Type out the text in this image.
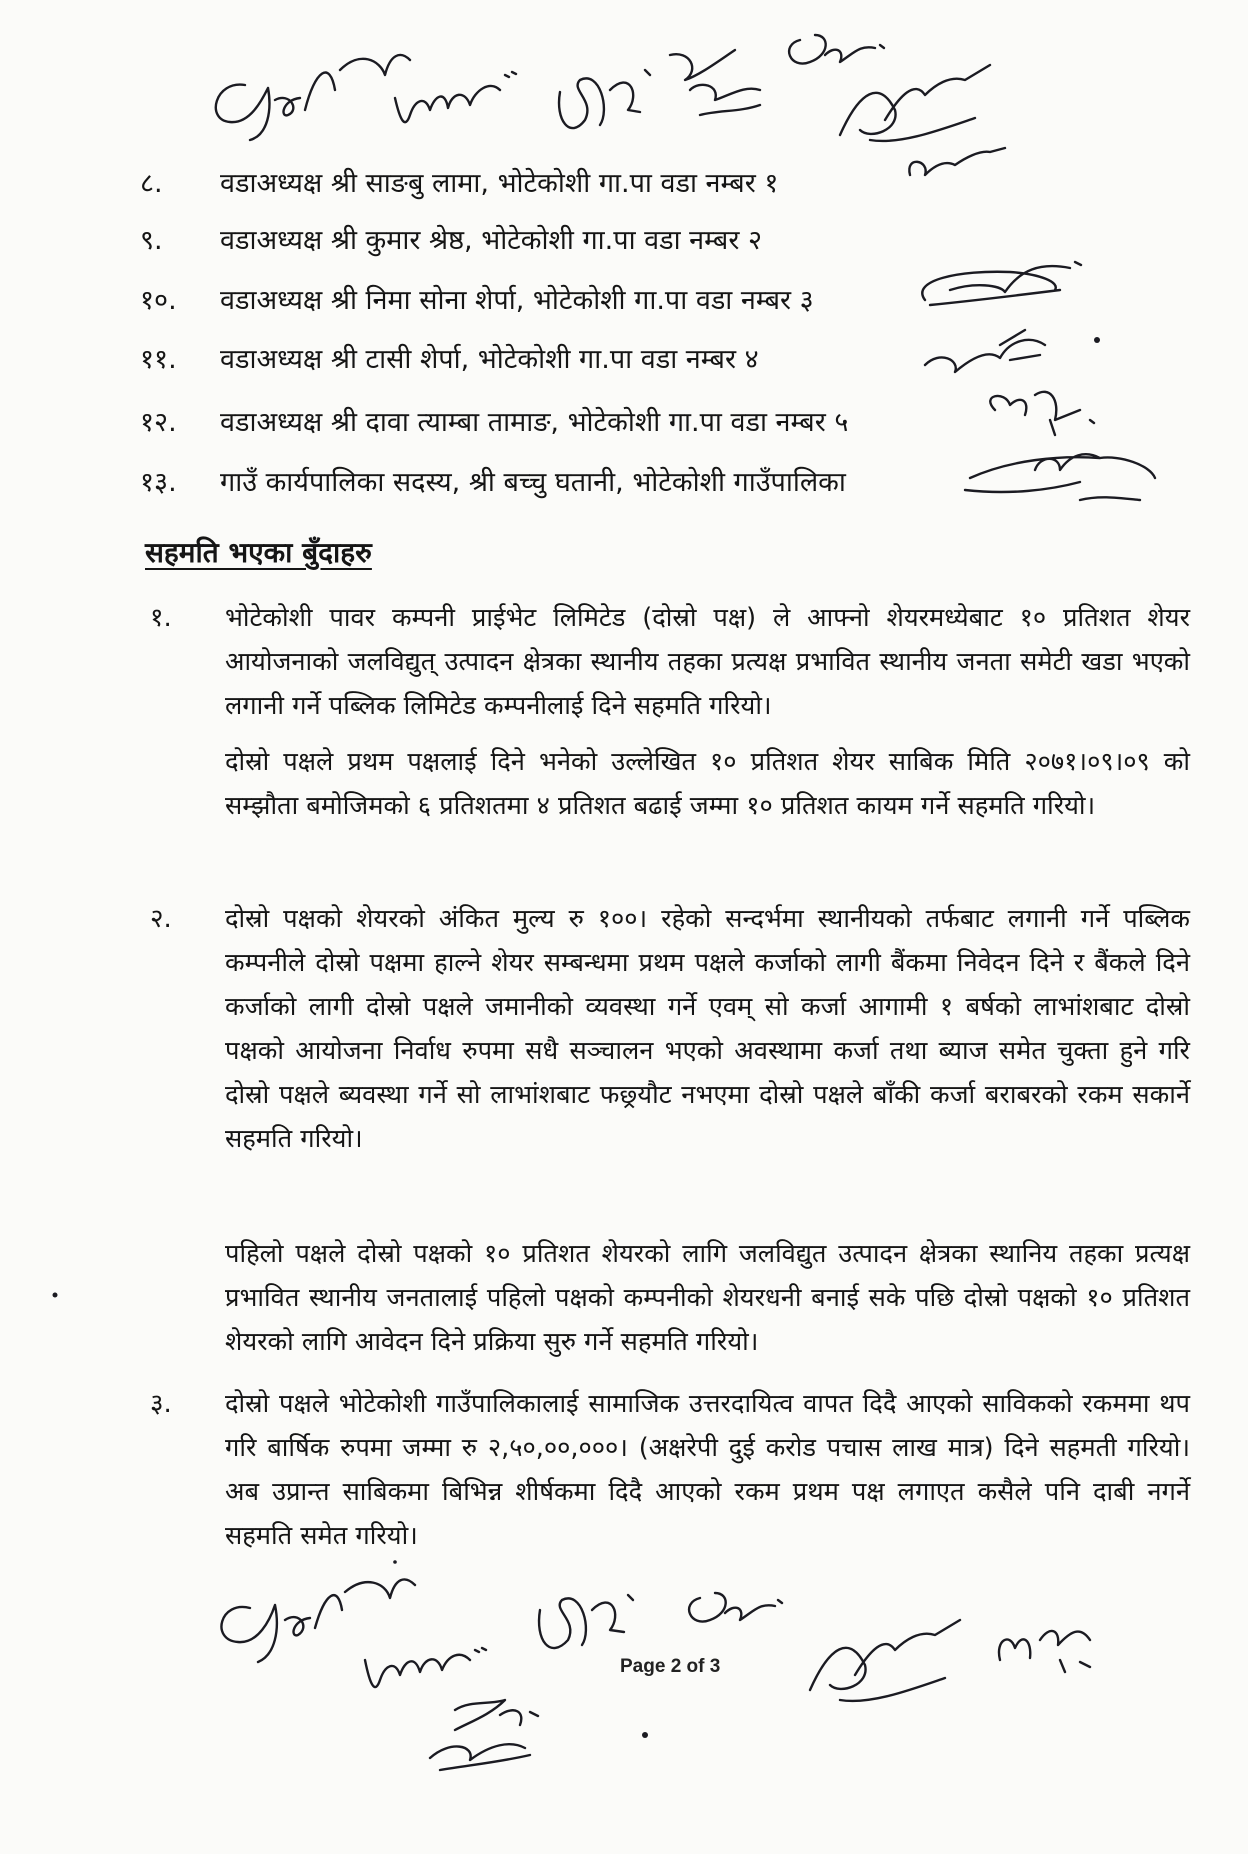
८. वडाअध्यक्ष श्री साङबु लामा, भोटेकोशी गा.पा वडा नम्बर १
९. वडाअध्यक्ष श्री कुमार श्रेष्ठ, भोटेकोशी गा.पा वडा नम्बर २
१०. वडाअध्यक्ष श्री निमा सोना शेर्पा, भोटेकोशी गा.पा वडा नम्बर ३
११. वडाअध्यक्ष श्री टासी शेर्पा, भोटेकोशी गा.पा वडा नम्बर ४
१२. वडाअध्यक्ष श्री दावा त्याम्बा तामाङ, भोटेकोशी गा.पा वडा नम्बर ५
१३. गाउँ कार्यपालिका सदस्य, श्री बच्चु घतानी, भोटेकोशी गाउँपालिका
सहमति भएका बुँदाहरु
१. भोटेकोशी पावर कम्पनी प्राईभेट लिमिटेड (दोस्रो पक्ष) ले आफ्नो शेयरमध्येबाट १० प्रतिशत शेयर आयोजनाको जलविद्युत् उत्पादन क्षेत्रका स्थानीय तहका प्रत्यक्ष प्रभावित स्थानीय जनता समेटी खडा भएको लगानी गर्ने पब्लिक लिमिटेड कम्पनीलाई दिने सहमति गरियो।
दोस्रो पक्षले प्रथम पक्षलाई दिने भनेको उल्लेखित १० प्रतिशत शेयर साबिक मिति २०७१।०९।०९ को सम्झौता बमोजिमको ६ प्रतिशतमा ४ प्रतिशत बढाई जम्मा १० प्रतिशत कायम गर्ने सहमति गरियो।
२. दोस्रो पक्षको शेयरको अंकित मुल्य रु १००। रहेको सन्दर्भमा स्थानीयको तर्फबाट लगानी गर्ने पब्लिक कम्पनीले दोस्रो पक्षमा हाल्ने शेयर सम्बन्धमा प्रथम पक्षले कर्जाको लागी बैंकमा निवेदन दिने र बैंकले दिने कर्जाको लागी दोस्रो पक्षले जमानीको व्यवस्था गर्ने एवम् सो कर्जा आगामी १ बर्षको लाभांशबाट दोस्रो पक्षको आयोजना निर्वाध रुपमा सधै सञ्चालन भएको अवस्थामा कर्जा तथा ब्याज समेत चुक्ता हुने गरि दोस्रो पक्षले ब्यवस्था गर्ने सो लाभांशबाट फछ्र्यौट नभएमा दोस्रो पक्षले बाँकी कर्जा बराबरको रकम सकार्ने सहमति गरियो।
पहिलो पक्षले दोस्रो पक्षको १० प्रतिशत शेयरको लागि जलविद्युत उत्पादन क्षेत्रका स्थानिय तहका प्रत्यक्ष प्रभावित स्थानीय जनतालाई पहिलो पक्षको कम्पनीको शेयरधनी बनाई सके पछि दोस्रो पक्षको १० प्रतिशत शेयरको लागि आवेदन दिने प्रक्रिया सुरु गर्ने सहमति गरियो।
३. दोस्रो पक्षले भोटेकोशी गाउँपालिकालाई सामाजिक उत्तरदायित्व वापत दिदै आएको साविकको रकममा थप गरि बार्षिक रुपमा जम्मा रु २,५०,००,०००। (अक्षरेपी दुई करोड पचास लाख मात्र) दिने सहमती गरियो। अब उप्रान्त साबिकमा बिभिन्न शीर्षकमा दिदै आएको रकम प्रथम पक्ष लगाएत कसैले पनि दाबी नगर्ने सहमति समेत गरियो।
Page 2 of 3
